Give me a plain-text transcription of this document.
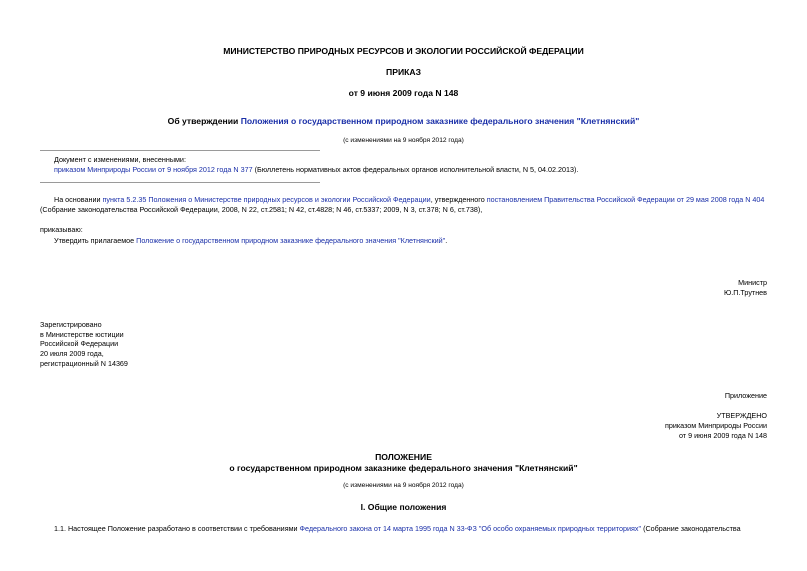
МИНИСТЕРСТВО ПРИРОДНЫХ РЕСУРСОВ И ЭКОЛОГИИ РОССИЙСКОЙ ФЕДЕРАЦИИ
ПРИКАЗ
от 9 июня 2009 года N 148
Об утверждении Положения о государственном природном заказнике федерального значения "Клетнянский"
(с изменениями на 9 ноября 2012 года)
Документ с изменениями, внесенными:
приказом Минприроды России от 9 ноября 2012 года N 377 (Бюллетень нормативных актов федеральных органов исполнительной власти, N 5, 04.02.2013).
На основании пункта 5.2.35 Положения о Министерстве природных ресурсов и экологии Российской Федерации, утвержденного постановлением Правительства Российской Федерации от 29 мая 2008 года N 404
(Собрание законодательства Российской Федерации, 2008, N 22, ст.2581; N 42, ст.4828; N 46, ст.5337; 2009, N 3, ст.378; N 6, ст.738),
приказываю:
Утвердить прилагаемое Положение о государственном природном заказнике федерального значения "Клетнянский".
Министр
Ю.П.Трутнев
Зарегистрировано
в Министерстве юстиции
Российской Федерации
20 июля 2009 года,
регистрационный N 14369
Приложение
УТВЕРЖДЕНО
приказом Минприроды России
от 9 июня 2009 года N 148
ПОЛОЖЕНИЕ
о государственном природном заказнике федерального значения "Клетнянский"
(с изменениями на 9 ноября 2012 года)
I. Общие положения
1.1. Настоящее Положение разработано в соответствии с требованиями Федерального закона от 14 марта 1995 года N 33-ФЗ "Об особо охраняемых природных территориях" (Собрание законодательства
